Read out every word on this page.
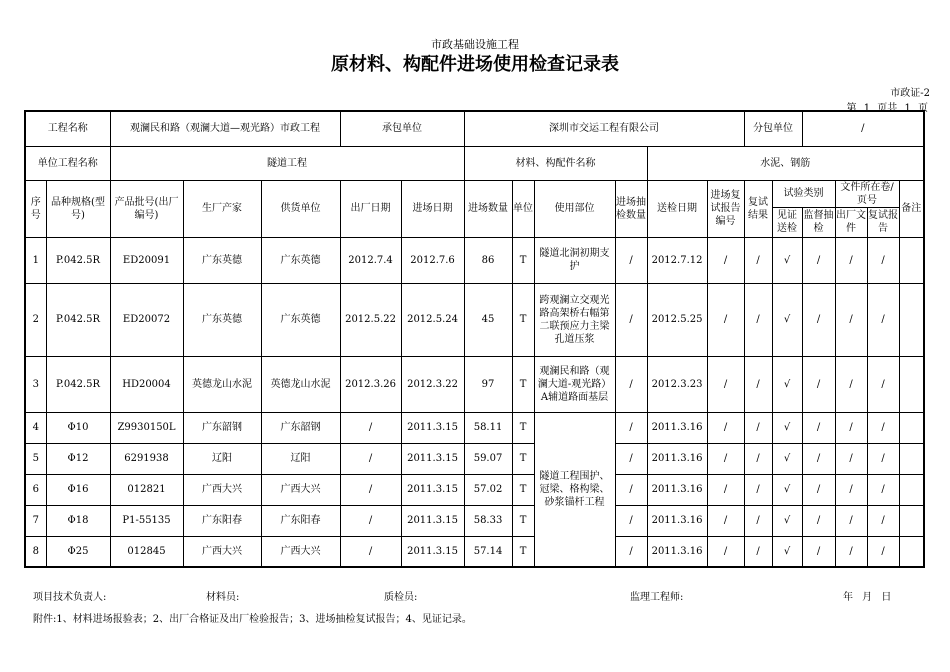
市政基础设施工程
原材料、构配件进场使用检查记录表
市政证-2
第 1 页共 1 页
工程名称		观澜民和路（观澜大道—观光路）市政工程			承包单位		深圳市交运工程有限公司						分包单位		/			
单位工程名称		隧道工程					材料、构配件名称				水泥、钢筋							
序号	品种规格(型号)	产品批号(出厂编号)	生厂产家	供货单位	出厂日期	进场日期	进场数量	单位	使用部位	进场抽检数量	送检日期	进场复试报告编号	复试结果	试验类别		文件所在卷/页号		备注
														见证送检	监督抽检	出厂文件	复试报告	
1	P.042.5R	ED20091	广东英德	广东英德	2012.7.4	2012.7.6	86	T	隧道北洞初期支护	/	2012.7.12	/	/	√	/	/	/	
2	P.042.5R	ED20072	广东英德	广东英德	2012.5.22	2012.5.24	45	T	跨观澜立交观光路高架桥右幅第二联预应力主梁孔道压浆	/	2012.5.25	/	/	√	/	/	/	
3	P.042.5R	HD20004	英德龙山水泥	英德龙山水泥	2012.3.26	2012.3.22	97	T	观澜民和路（观澜大道-观光路）A辅道路面基层	/	2012.3.23	/	/	√	/	/	/	
4	Φ10	Z9930150L	广东韶钢	广东韶钢	/	2011.3.15	58.11	T	隧道工程围护、冠梁、格构梁、砂浆锚杆工程	/	2011.3.16	/	/	√	/	/	/	
5	Φ12	6291938	辽阳	辽阳	/	2011.3.15	59.07	T		/	2011.3.16	/	/	√	/	/	/	
6	Φ16	012821	广西大兴	广西大兴	/	2011.3.15	57.02	T		/	2011.3.16	/	/	√	/	/	/	
7	Φ18	P1-55135	广东阳春	广东阳春	/	2011.3.15	58.33	T		/	2011.3.16	/	/	√	/	/	/	
8	Φ25	012845	广西大兴	广西大兴	/	2011.3.15	57.14	T		/	2011.3.16	/	/	√	/	/	/	
项目技术负责人:	材料员:	质检员:	监理工程师:	年 月 日
附件:1、材料进场报验表；2、出厂合格证及出厂检验报告；3、进场抽检复试报告；4、见证记录。
